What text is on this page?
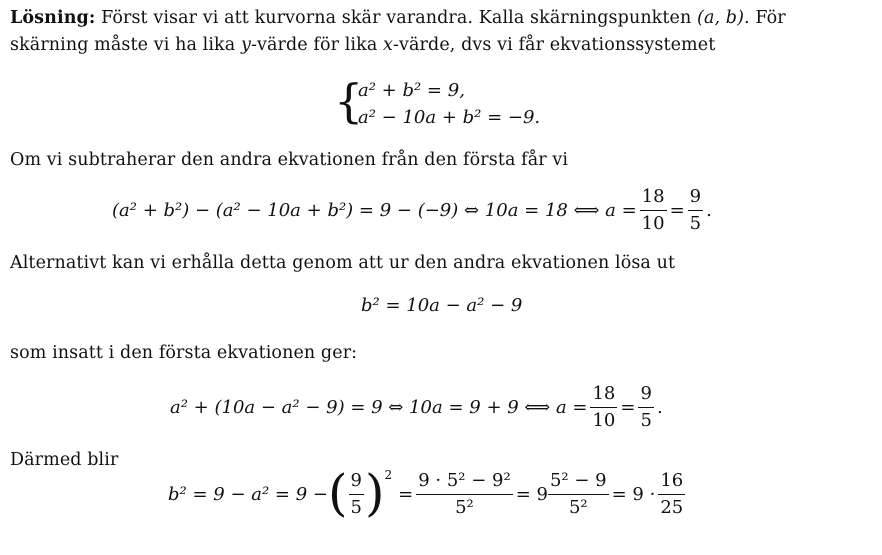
Lösning: Först visar vi att kurvorna skär varandra. Kalla skärningspunkten (a, b). För
skärning måste vi ha lika y-värde för lika x-värde, dvs vi får ekvationssystemet
{
a² + b² = 9,
a² − 10a + b² = −9.
Om vi subtraherar den andra ekvationen från den första får vi
(a² + b²) − (a² − 10a + b²) = 9 − (−9) ⇔ 10a = 18 ⟺ $a = \frac{18}{10} = \frac{9}{5}$ .
Alternativt kan vi erhålla detta genom att ur den andra ekvationen lösa ut
b² = 10a − a² − 9
som insatt i den första ekvationen ger:
a² + (10a − a² − 9) = 9 ⇔ 10a = 9 + 9 ⟺ $a = \frac{18}{10} = \frac{9}{5}$ .
Därmed blir
b² = 9 − a² = 9 − ( $\frac{9}{5}$ ) 2
= $\frac{\text{9 · 5² − 9²}}{\text{5²}} = 9 \frac{\text{5² − 9}}{\text{5²}} = 9 \cdot \frac{16}{25}$
